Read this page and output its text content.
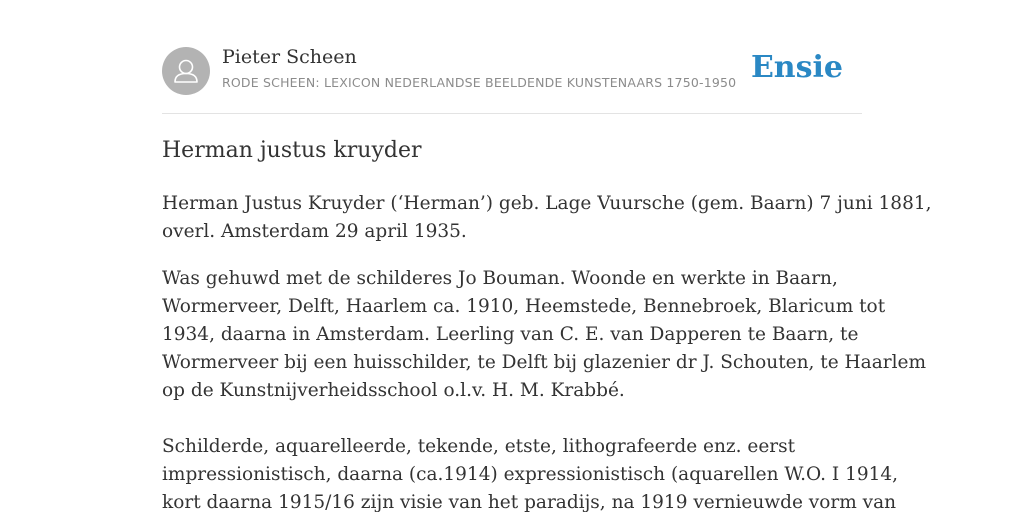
Pieter Scheen
RODE SCHEEN: LEXICON NEDERLANDSE BEELDENDE KUNSTENAARS 1750-1950 Ensie
Herman justus kruyder

Herman Justus Kruyder (‘Herman’) geb. Lage Vuursche (gem. Baarn) 7 juni 1881,
overl. Amsterdam 29 april 1935.

Was gehuwd met de schilderes Jo Bouman. Woonde en werkte in Baarn,
Wormerveer, Delft, Haarlem ca. 1910, Heemstede, Bennebroek, Blaricum tot
1934, daarna in Amsterdam. Leerling van C. E. van Dapperen te Baarn, te
Wormerveer bij een huisschilder, te Delft bij glazenier dr J. Schouten, te Haarlem
op de Kunstnijverheidsschool o.l.v. H. M. Krabbé.
Schilderde, aquarelleerde, tekende, etste, lithografeerde enz. eerst
impressionistisch, daarna (ca.1914) expressionistisch (aquarellen W.O. I 1914,
kort daarna 1915/16 zijn visie van het paradijs, na 1919 vernieuwde vorm van
